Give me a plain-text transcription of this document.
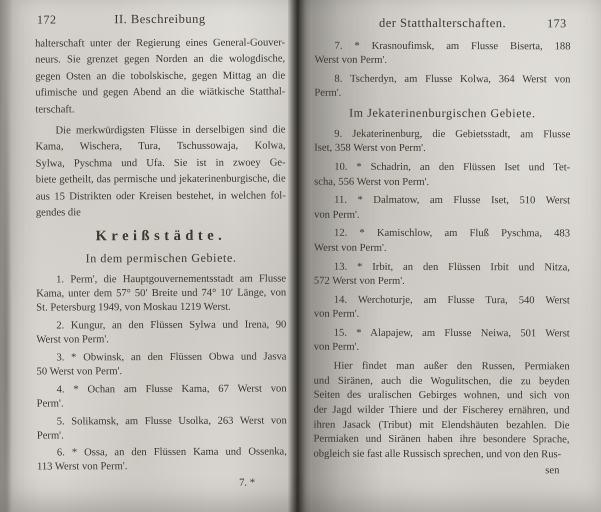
172	II. Beschreibung
halterschaft unter der Regierung eines General-Gouver-
neurs. Sie grenzet gegen Norden an die wologdische,
gegen Osten an die tobolskische, gegen Mittag an die
ufimische und gegen Abend an die wiätkische Statthal-
terschaft.
Die merkwürdigsten Flüsse in derselbigen sind die
Kama, Wischera, Tura, Tschussowaja, Kolwa,
Sylwa, Pyschma und Ufa. Sie ist in zwoey Ge-
biete getheilt, das permische und jekaterinenburgische, die
aus 15 Distrikten oder Kreisen bestehet, in welchen fol-
gendes die
Kreißstädte.
In dem permischen Gebiete.
1. Perm', die Hauptgouvernementsstadt am Flusse
Kama, unter dem 57° 50′ Breite und 74° 10′ Länge, von
St. Petersburg 1949, von Moskau 1219 Werst.
2. Kungur, an den Flüssen Sylwa und Irena, 90
Werst von Perm'.
3. * Obwinsk, an den Flüssen Obwa und Jasva
50 Werst von Perm'.
4. * Ochan am Flusse Kama, 67 Werst von
Perm'.
5. Solikamsk, am Flusse Usolka, 263 Werst von
Perm'.
6. * Ossa, an den Flüssen Kama und Ossenka,
113 Werst von Perm'.
7. *
der Statthalterschaften.	173
7. * Krasnoufimsk, am Flusse Biserta, 188
Werst von Perm'.
8. Tscherdyn, am Flusse Kolwa, 364 Werst von
Perm'.
Im Jekaterinenburgischen Gebiete.
9. Jekaterinenburg, die Gebietsstadt, am Flusse
Iset, 358 Werst von Perm'.
10. * Schadrin, an den Flüssen Iset und Tet-
scha, 556 Werst von Perm'.
11. * Dalmatow, am Flusse Iset, 510 Werst
von Perm'.
12. * Kamischlow, am Fluß Pyschma, 483
Werst von Perm'.
13. * Irbit, an den Flüssen Irbit und Nitza,
572 Werst von Perm'.
14. Werchoturje, am Flusse Tura, 540 Werst
von Perm'.
15. * Alapajew, am Flusse Neiwa, 501 Werst
von Perm'.
Hier findet man außer den Russen, Permiaken
und Siränen, auch die Wogulitschen, die zu beyden
Seiten des uralischen Gebirges wohnen, und sich von
der Jagd wilder Thiere und der Fischerey ernähren, und
ihren Jasack (Tribut) mit Elendshäuten bezahlen. Die
Permiaken und Siränen haben ihre besondere Sprache,
obgleich sie fast alle Russisch sprechen, und von den Rus-
sen
